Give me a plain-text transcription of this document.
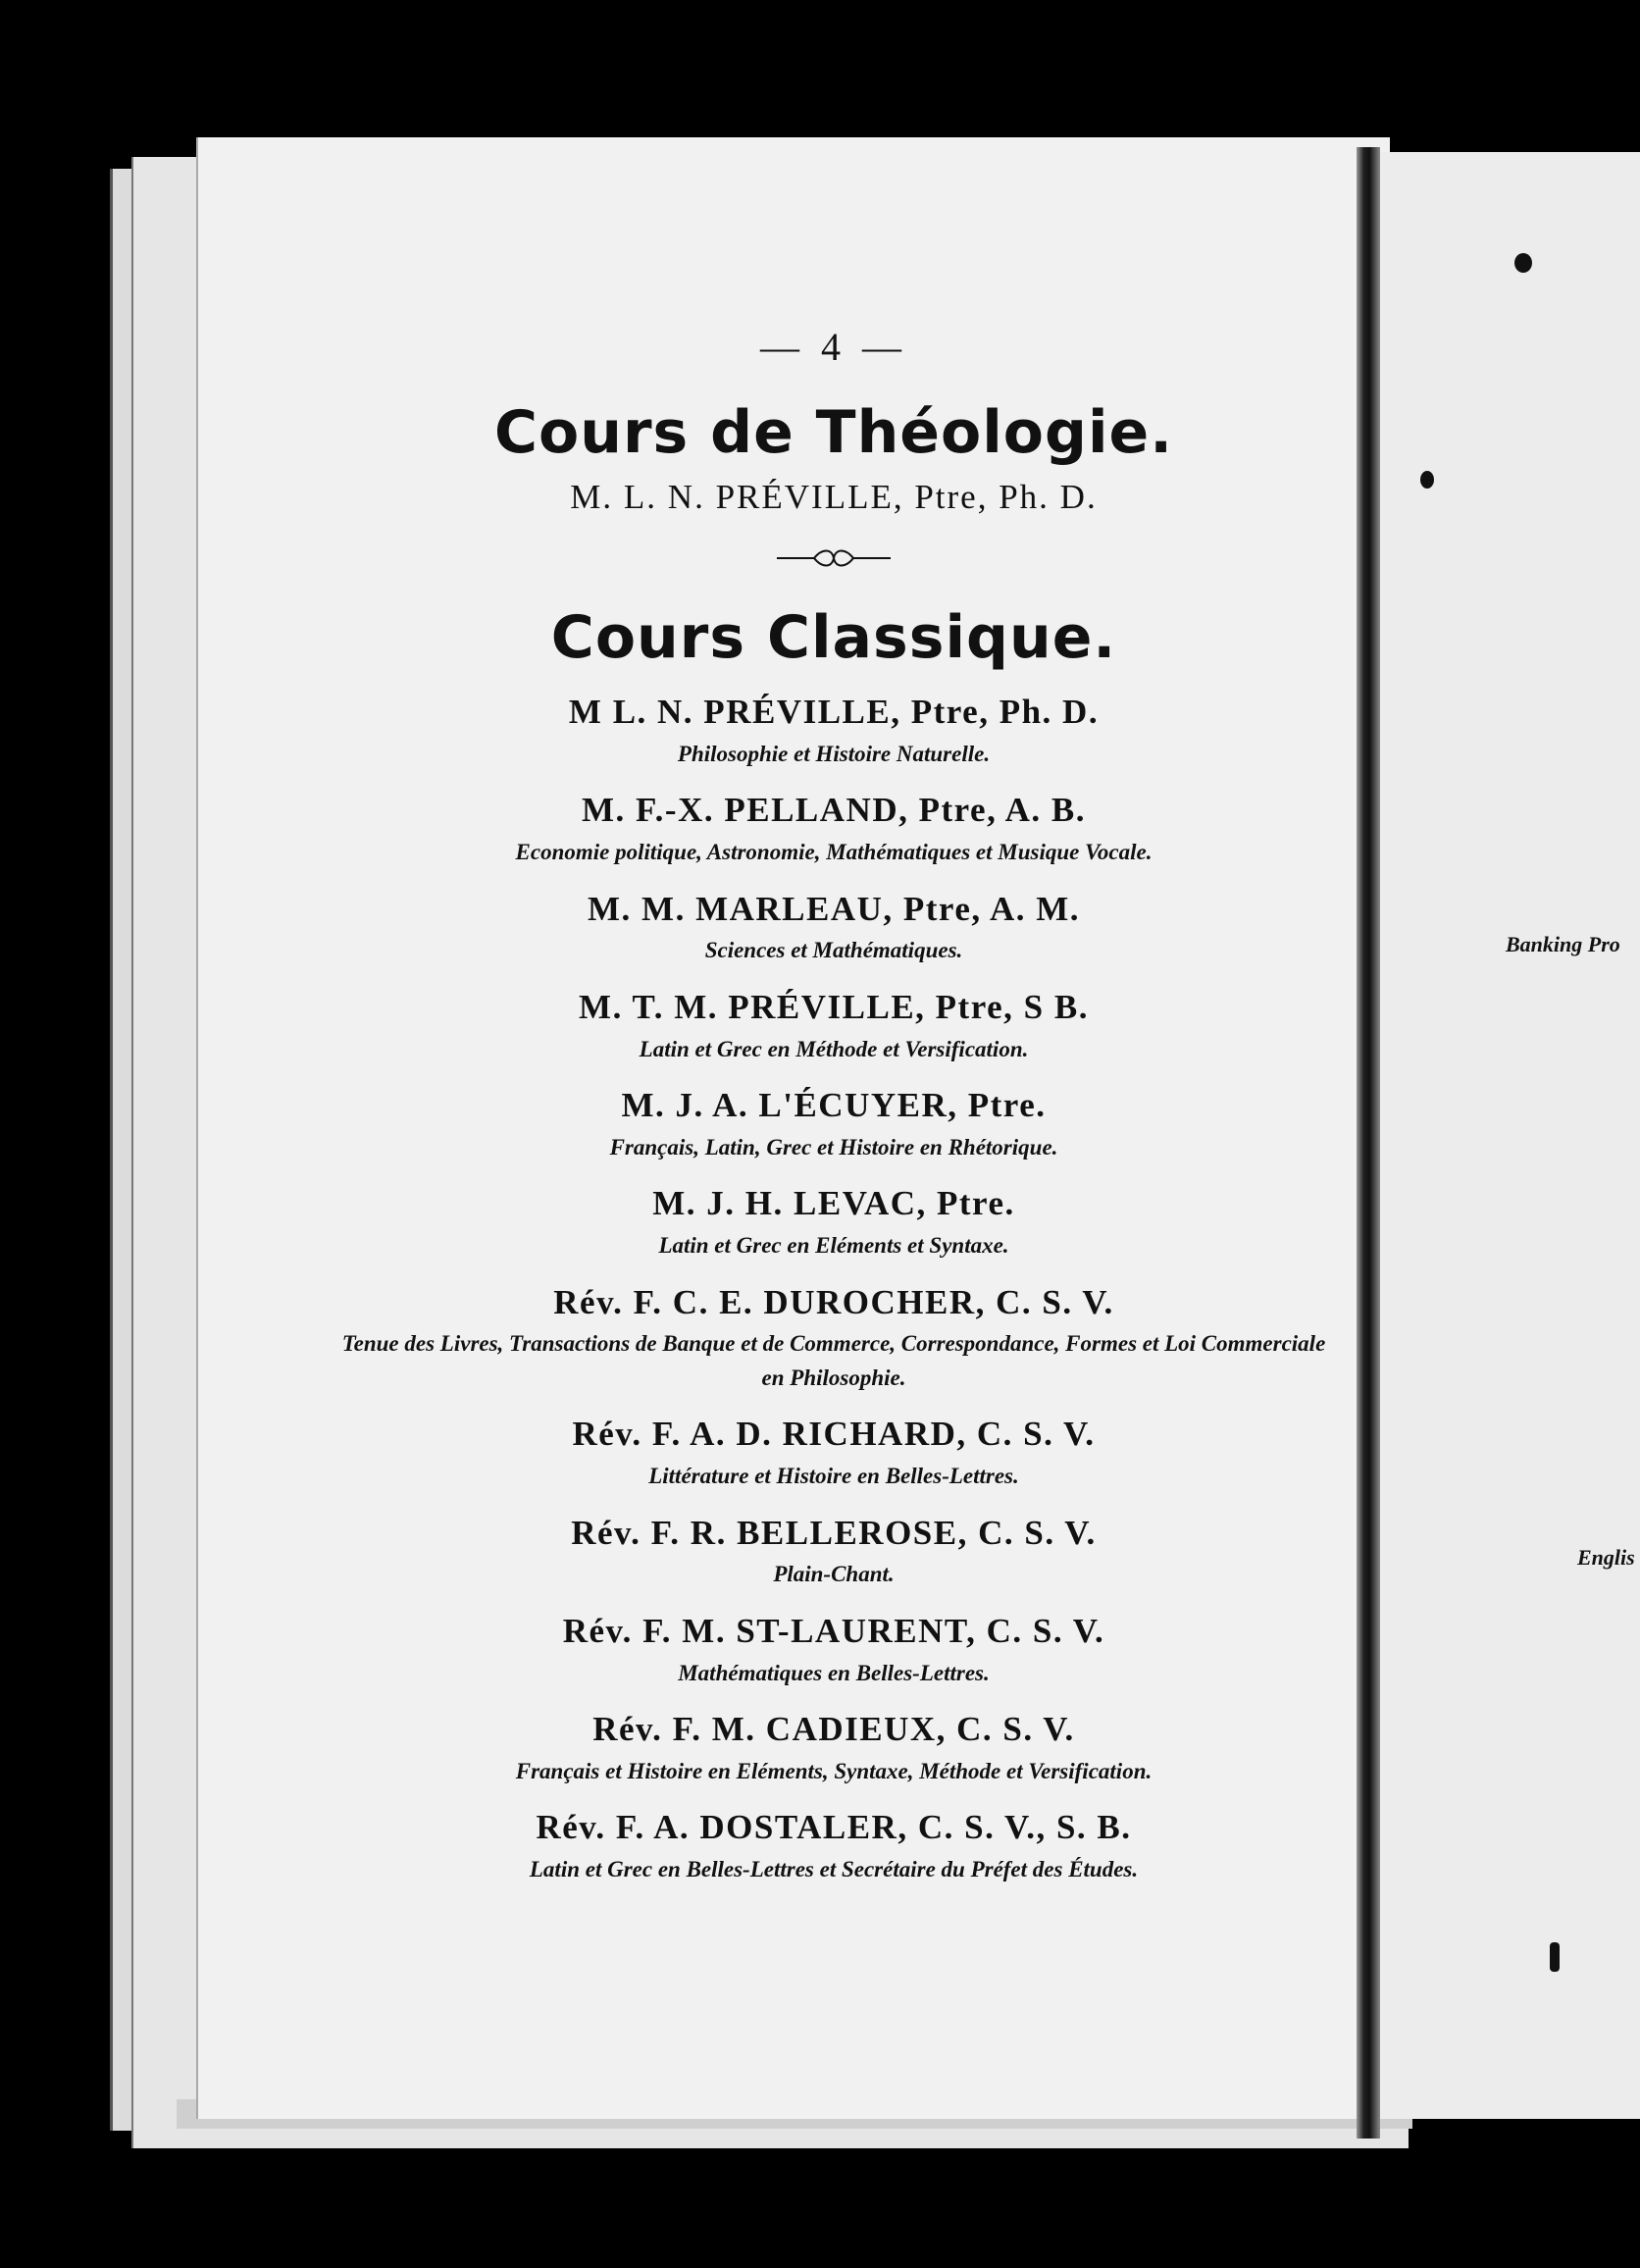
— 4 —

Cours de Théologie.

M. L. N. PRÉVILLE, Ptre, Ph. D.

Cours Classique.

M L. N. PRÉVILLE, Ptre, Ph. D.

Philosophie et Histoire Naturelle.

M. F.-X. PELLAND, Ptre, A. B.

Economie politique, Astronomie, Mathématiques et Musique Vocale.

M. M. MARLEAU, Ptre, A. M.

Sciences et Mathématiques.

M. T. M. PRÉVILLE, Ptre, S B.

Latin et Grec en Méthode et Versification.

M. J. A. L'ÉCUYER, Ptre.

Français, Latin, Grec et Histoire en Rhétorique.

M. J. H. LEVAC, Ptre.

Latin et Grec en Eléments et Syntaxe.

Rév. F. C. E. DUROCHER, C. S. V.

Tenue des Livres, Transactions de Banque et de Commerce, Correspondance, Formes et Loi Commerciale en Philosophie.

Rév. F. A. D. RICHARD, C. S. V.

Littérature et Histoire en Belles-Lettres.

Rév. F. R. BELLEROSE, C. S. V.

Plain-Chant.

Rév. F. M. ST-LAURENT, C. S. V.

Mathématiques en Belles-Lettres.

Rév. F. M. CADIEUX, C. S. V.

Français et Histoire en Eléments, Syntaxe, Méthode et Versification.

Rév. F. A. DOSTALER, C. S. V., S. B.

Latin et Grec en Belles-Lettres et Secrétaire du Préfet des Études.

Banking Pro
Englis
